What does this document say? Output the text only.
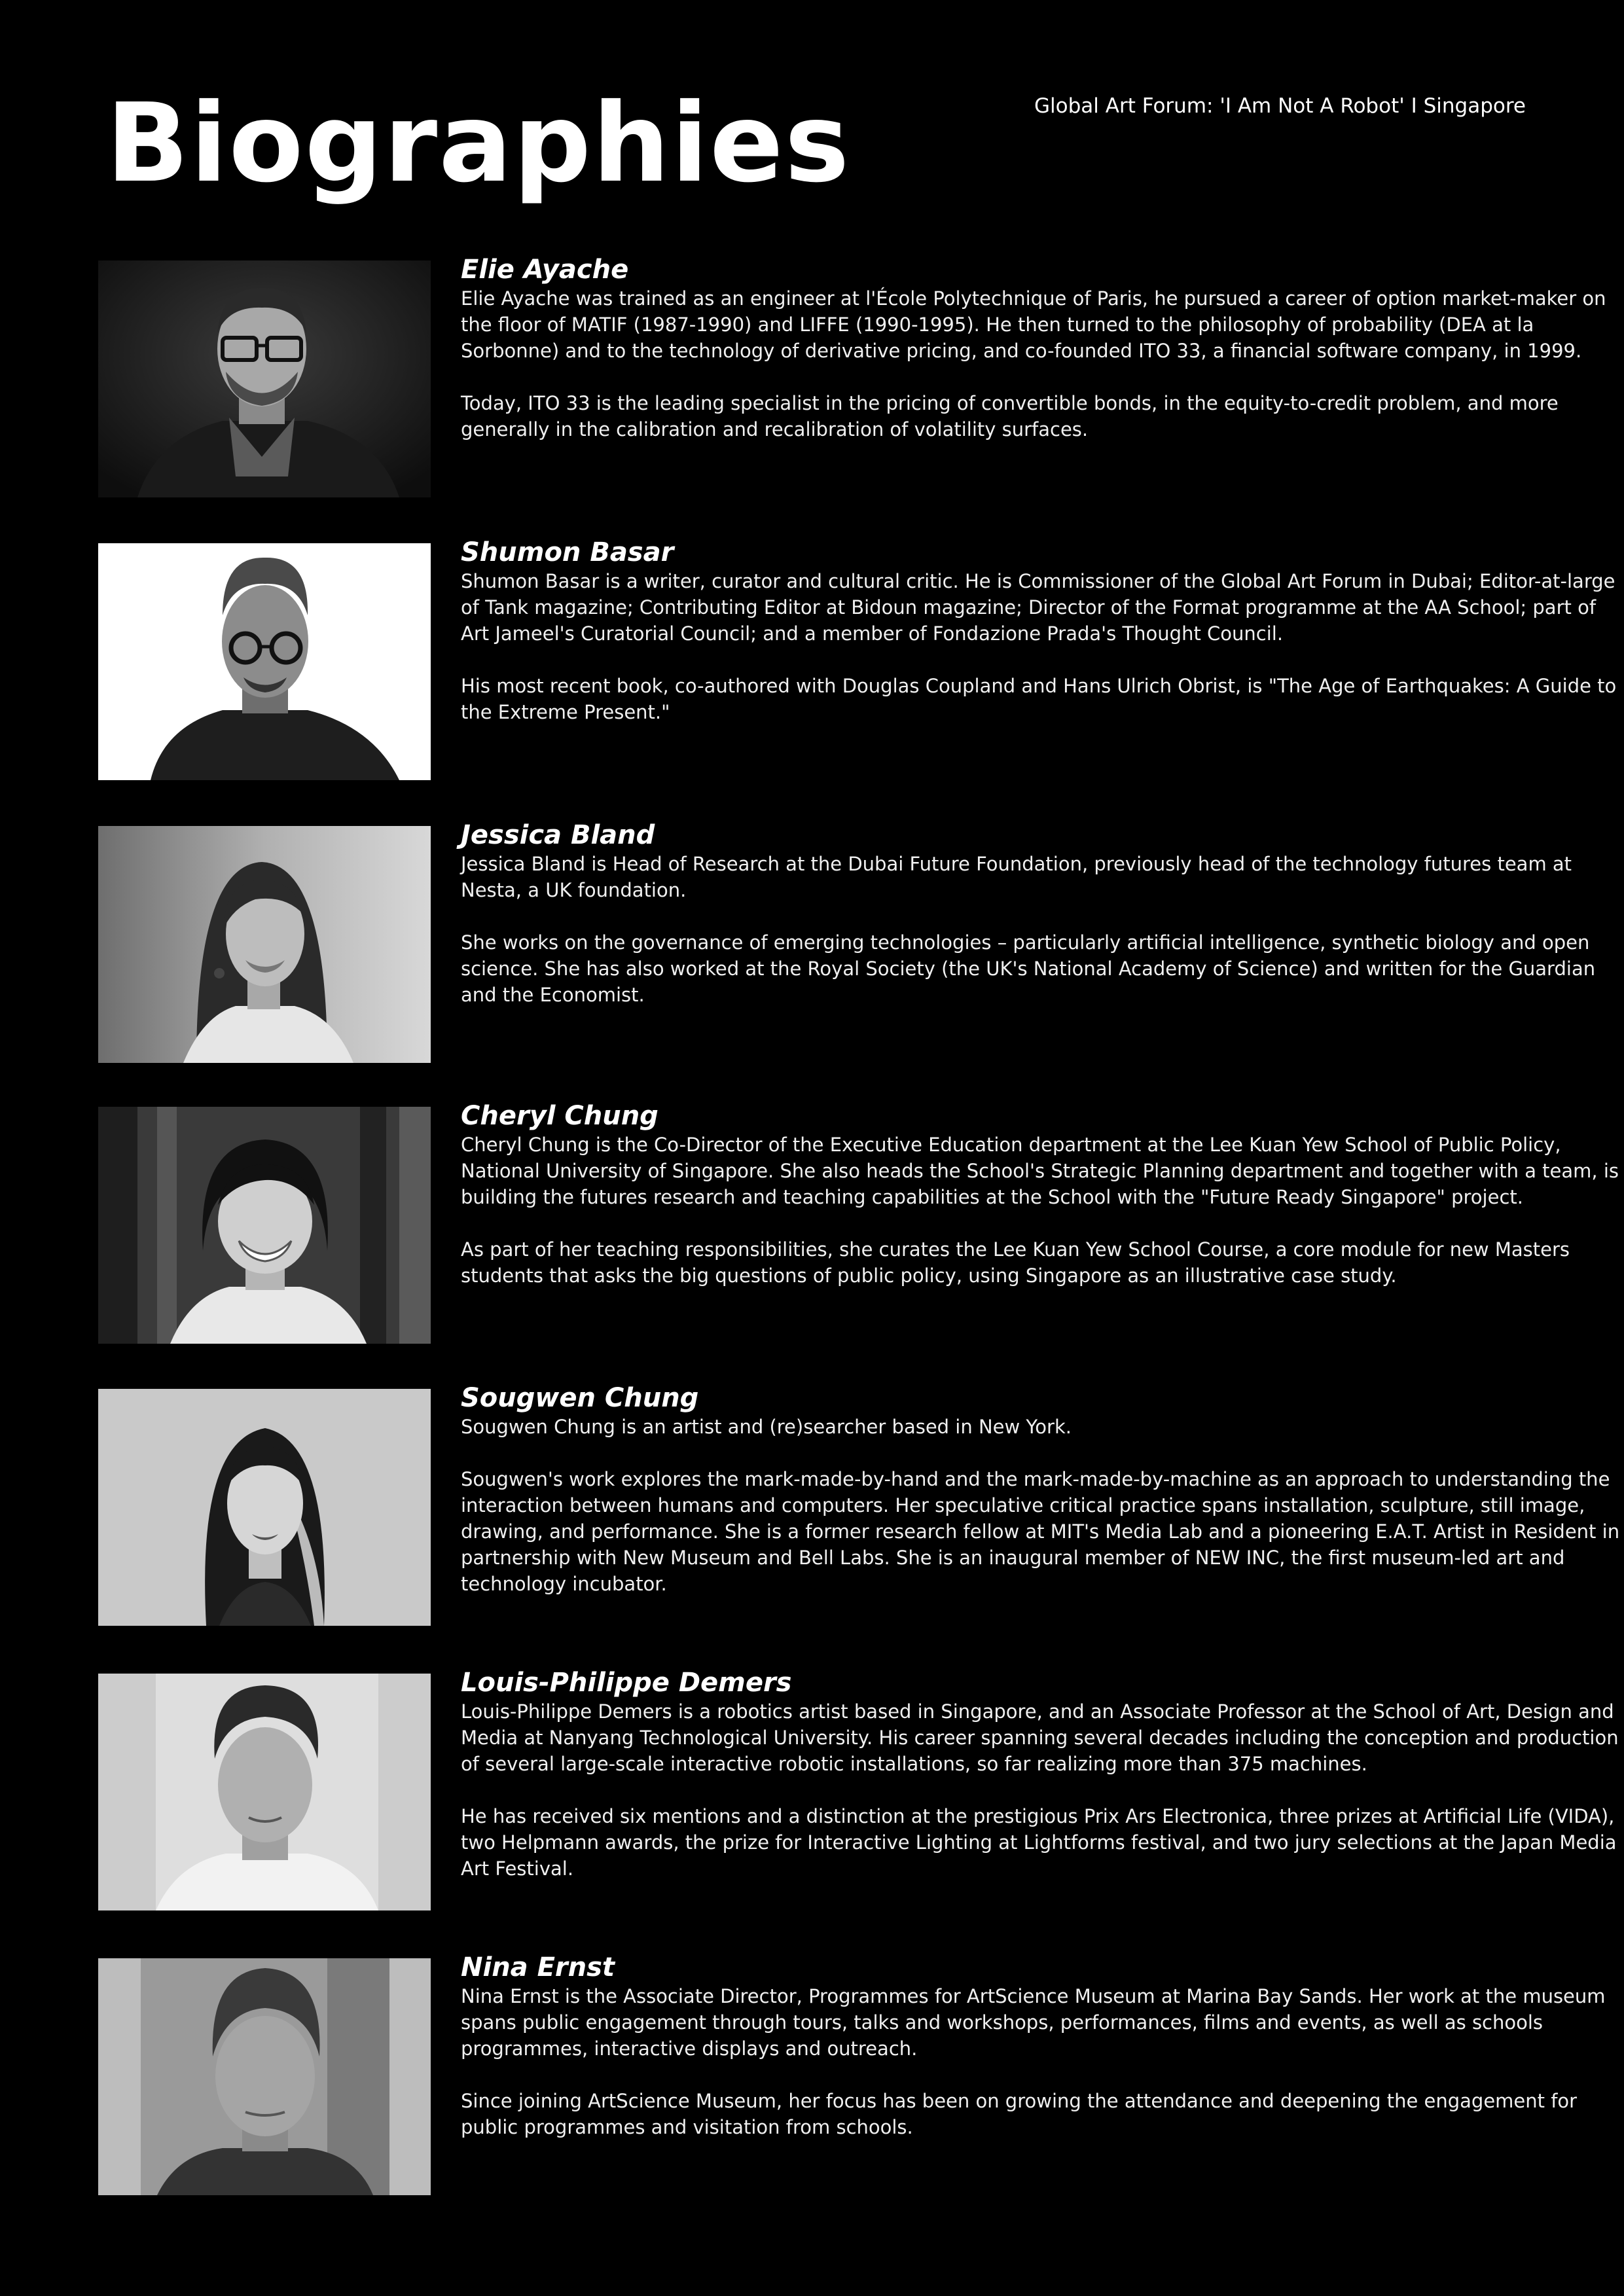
Biographies	Global Art Forum: 'I Am Not A Robot' I Singapore
Elie Ayache

Elie Ayache was trained as an engineer at l'École Polytechnique of Paris, he pursued a career of option market-maker on the floor of MATIF (1987-1990) and LIFFE (1990-1995). He then turned to the philosophy of probability (DEA at la Sorbonne) and to the technology of derivative pricing, and co-founded ITO 33, a financial software company, in 1999.

Today, ITO 33 is the leading specialist in the pricing of convertible bonds, in the equity-to-credit problem, and more generally in the calibration and recalibration of volatility surfaces.

Shumon Basar

Shumon Basar is a writer, curator and cultural critic. He is Commissioner of the Global Art Forum in Dubai; Editor-at-large of Tank magazine; Contributing Editor at Bidoun magazine; Director of the Format programme at the AA School; part of Art Jameel's Curatorial Council; and a member of Fondazione Prada's Thought Council.

His most recent book, co-authored with Douglas Coupland and Hans Ulrich Obrist, is "The Age of Earthquakes: A Guide to the Extreme Present."

Jessica Bland

Jessica Bland is Head of Research at the Dubai Future Foundation, previously head of the technology futures team at Nesta, a UK foundation.

She works on the governance of emerging technologies – particularly artificial intelligence, synthetic biology and open science. She has also worked at the Royal Society (the UK's National Academy of Science) and written for the Guardian and the Economist.

Cheryl Chung

Cheryl Chung is the Co-Director of the Executive Education department at the Lee Kuan Yew School of Public Policy, National University of Singapore. She also heads the School's Strategic Planning department and together with a team, is building the futures research and teaching capabilities at the School with the "Future Ready Singapore" project.

As part of her teaching responsibilities, she curates the Lee Kuan Yew School Course, a core module for new Masters students that asks the big questions of public policy, using Singapore as an illustrative case study.

Sougwen Chung

Sougwen Chung is an artist and (re)searcher based in New York.

Sougwen's work explores the mark-made-by-hand and the mark-made-by-machine as an approach to understanding the interaction between humans and computers. Her speculative critical practice spans installation, sculpture, still image, drawing, and performance. She is a former research fellow at MIT's Media Lab and a pioneering E.A.T. Artist in Resident in partnership with New Museum and Bell Labs. She is an inaugural member of NEW INC, the first museum-led art and technology incubator.

Louis-Philippe Demers

Louis-Philippe Demers is a robotics artist based in Singapore, and an Associate Professor at the School of Art, Design and Media at Nanyang Technological University. His career spanning several decades including the conception and production of several large-scale interactive robotic installations, so far realizing more than 375 machines.

He has received six mentions and a distinction at the prestigious Prix Ars Electronica, three prizes at Artificial Life (VIDA), two Helpmann awards, the prize for Interactive Lighting at Lightforms festival, and two jury selections at the Japan Media Art Festival.

Nina Ernst

Nina Ernst is the Associate Director, Programmes for ArtScience Museum at Marina Bay Sands. Her work at the museum spans public engagement through tours, talks and workshops, performances, films and events, as well as schools programmes, interactive displays and outreach.

Since joining ArtScience Museum, her focus has been on growing the attendance and deepening the engagement for public programmes and visitation from schools.
